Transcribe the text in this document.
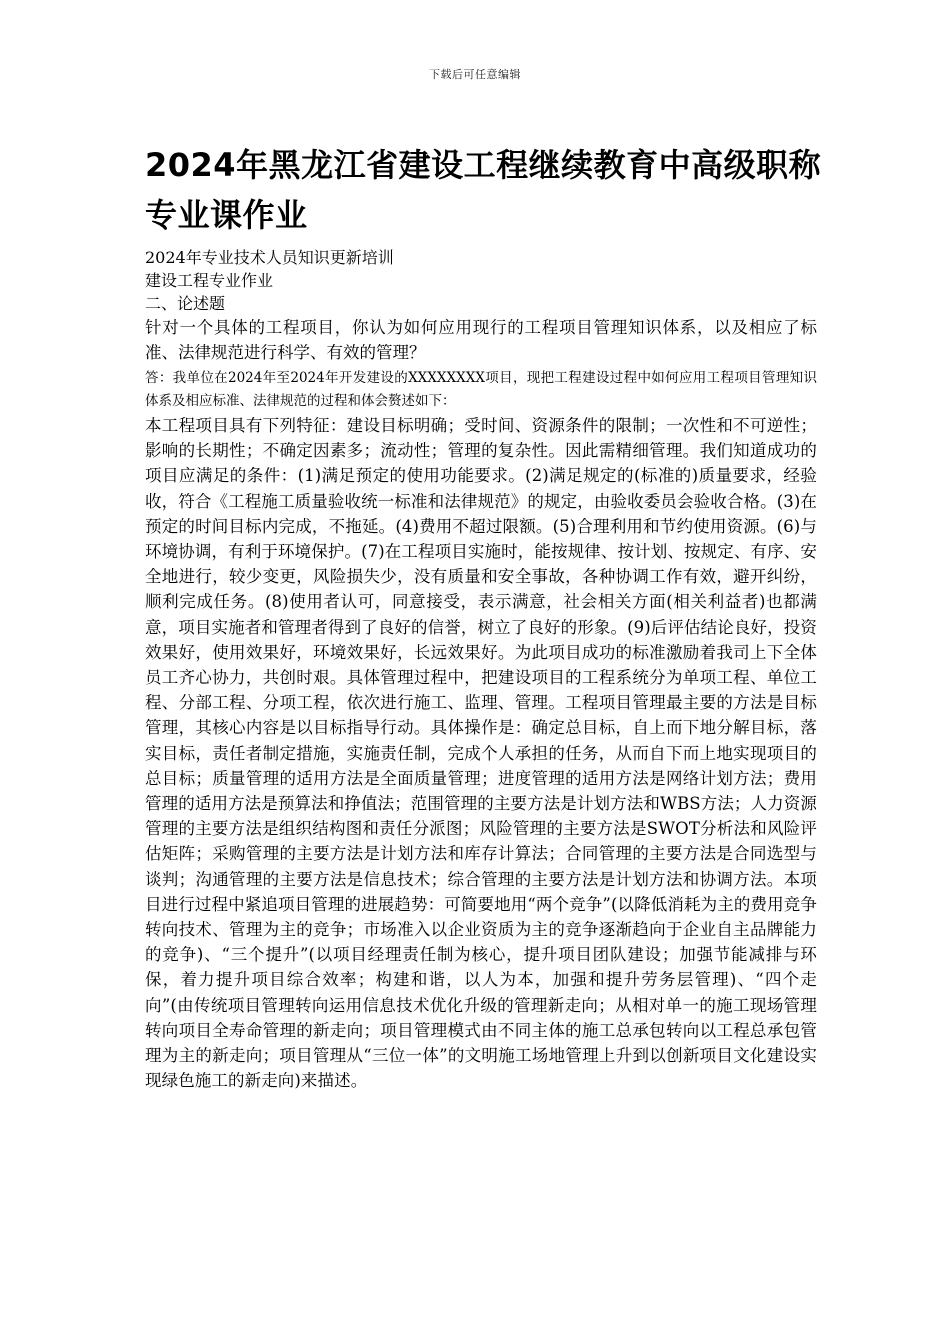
下载后可任意编辑
2024年黑龙江省建设工程继续教育中高级职称专业课作业

2024年专业技术人员知识更新培训

建设工程专业作业

二、论述题

针对一个具体的工程项目，你认为如何应用现行的工程项目管理知识体系，以及相应了标准、法律规范进行科学、有效的管理？

答：我单位在2024年至2024年开发建设的XXXXXXXX项目，现把工程建设过程中如何应用工程项目管理知识体系及相应标准、法律规范的过程和体会赘述如下：

本工程项目具有下列特征：建设目标明确；受时间、资源条件的限制；一次性和不可逆性；影响的长期性；不确定因素多；流动性；管理的复杂性。因此需精细管理。我们知道成功的项目应满足的条件：(1)满足预定的使用功能要求。(2)满足规定的(标准的)质量要求，经验收，符合《工程施工质量验收统一标准和法律规范》的规定，由验收委员会验收合格。(3)在预定的时间目标内完成，不拖延。(4)费用不超过限额。(5)合理利用和节约使用资源。(6)与环境协调，有利于环境保护。(7)在工程项目实施时，能按规律、按计划、按规定、有序、安全地进行，较少变更，风险损失少，没有质量和安全事故，各种协调工作有效，避开纠纷，顺利完成任务。(8)使用者认可，同意接受，表示满意，社会相关方面(相关利益者)也都满意，项目实施者和管理者得到了良好的信誉，树立了良好的形象。(9)后评估结论良好，投资效果好，使用效果好，环境效果好，长远效果好。为此项目成功的标准激励着我司上下全体员工齐心协力，共创时艰。具体管理过程中，把建设项目的工程系统分为单项工程、单位工程、分部工程、分项工程，依次进行施工、监理、管理。工程项目管理最主要的方法是目标管理，其核心内容是以目标指导行动。具体操作是：确定总目标，自上而下地分解目标，落实目标，责任者制定措施，实施责任制，完成个人承担的任务，从而自下而上地实现项目的总目标；质量管理的适用方法是全面质量管理；进度管理的适用方法是网络计划方法；费用管理的适用方法是预算法和挣值法；范围管理的主要方法是计划方法和WBS方法；人力资源管理的主要方法是组织结构图和责任分派图；风险管理的主要方法是SWOT分析法和风险评估矩阵；采购管理的主要方法是计划方法和库存计算法；合同管理的主要方法是合同选型与谈判；沟通管理的主要方法是信息技术；综合管理的主要方法是计划方法和协调方法。本项目进行过程中紧追项目管理的进展趋势：可简要地用“两个竞争”(以降低消耗为主的费用竞争转向技术、管理为主的竞争；市场准入以企业资质为主的竞争逐渐趋向于企业自主品牌能力的竞争)、“三个提升”(以项目经理责任制为核心，提升项目团队建设；加强节能减排与环保，着力提升项目综合效率；构建和谐，以人为本，加强和提升劳务层管理)、“四个走向”(由传统项目管理转向运用信息技术优化升级的管理新走向；从相对单一的施工现场管理转向项目全寿命管理的新走向；项目管理模式由不同主体的施工总承包转向以工程总承包管理为主的新走向；项目管理从“三位一体”的文明施工场地管理上升到以创新项目文化建设实现绿色施工的新走向)来描述。
